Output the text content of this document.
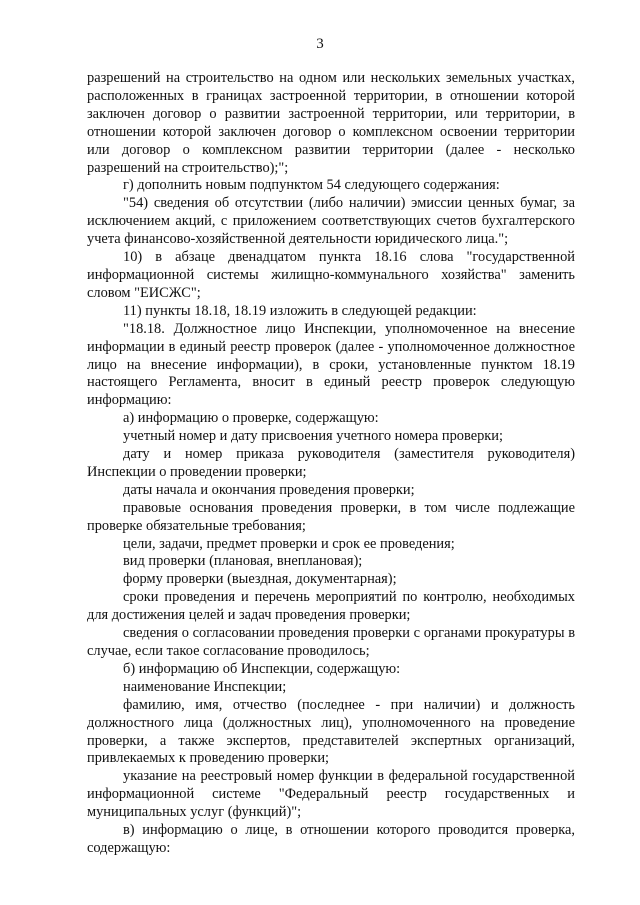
3

разрешений на строительство на одном или нескольких земельных участках, расположенных в границах застроенной территории, в отношении которой заключен договор о развитии застроенной территории, или территории, в отношении которой заключен договор о комплексном освоении территории или договор о комплексном развитии территории (далее - несколько разрешений на строительство);";

г) дополнить новым подпунктом 54 следующего содержания:

"54) сведения об отсутствии (либо наличии) эмиссии ценных бумаг, за исключением акций, с приложением соответствующих счетов бухгалтерского учета финансово-хозяйственной деятельности юридического лица.";

10) в абзаце двенадцатом пункта 18.16 слова "государственной информационной системы жилищно-коммунального хозяйства" заменить словом "ЕИСЖС";

11) пункты 18.18, 18.19 изложить в следующей редакции:

"18.18. Должностное лицо Инспекции, уполномоченное на внесение информации в единый реестр проверок (далее - уполномоченное должностное лицо на внесение информации), в сроки, установленные пунктом 18.19 настоящего Регламента, вносит в единый реестр проверок следующую информацию:

а) информацию о проверке, содержащую:

учетный номер и дату присвоения учетного номера проверки;

дату и номер приказа руководителя (заместителя руководителя) Инспекции о проведении проверки;

даты начала и окончания проведения проверки;

правовые основания проведения проверки, в том числе подлежащие проверке обязательные требования;

цели, задачи, предмет проверки и срок ее проведения;

вид проверки (плановая, внеплановая);

форму проверки (выездная, документарная);

сроки проведения и перечень мероприятий по контролю, необходимых для достижения целей и задач проведения проверки;

сведения о согласовании проведения проверки с органами прокуратуры в случае, если такое согласование проводилось;

б) информацию об Инспекции, содержащую:

наименование Инспекции;

фамилию, имя, отчество (последнее - при наличии) и должность должностного лица (должностных лиц), уполномоченного на проведение проверки, а также экспертов, представителей экспертных организаций, привлекаемых к проведению проверки;

указание на реестровый номер функции в федеральной государственной информационной системе "Федеральный реестр государственных и муниципальных услуг (функций)";

в) информацию о лице, в отношении которого проводится проверка, содержащую:
